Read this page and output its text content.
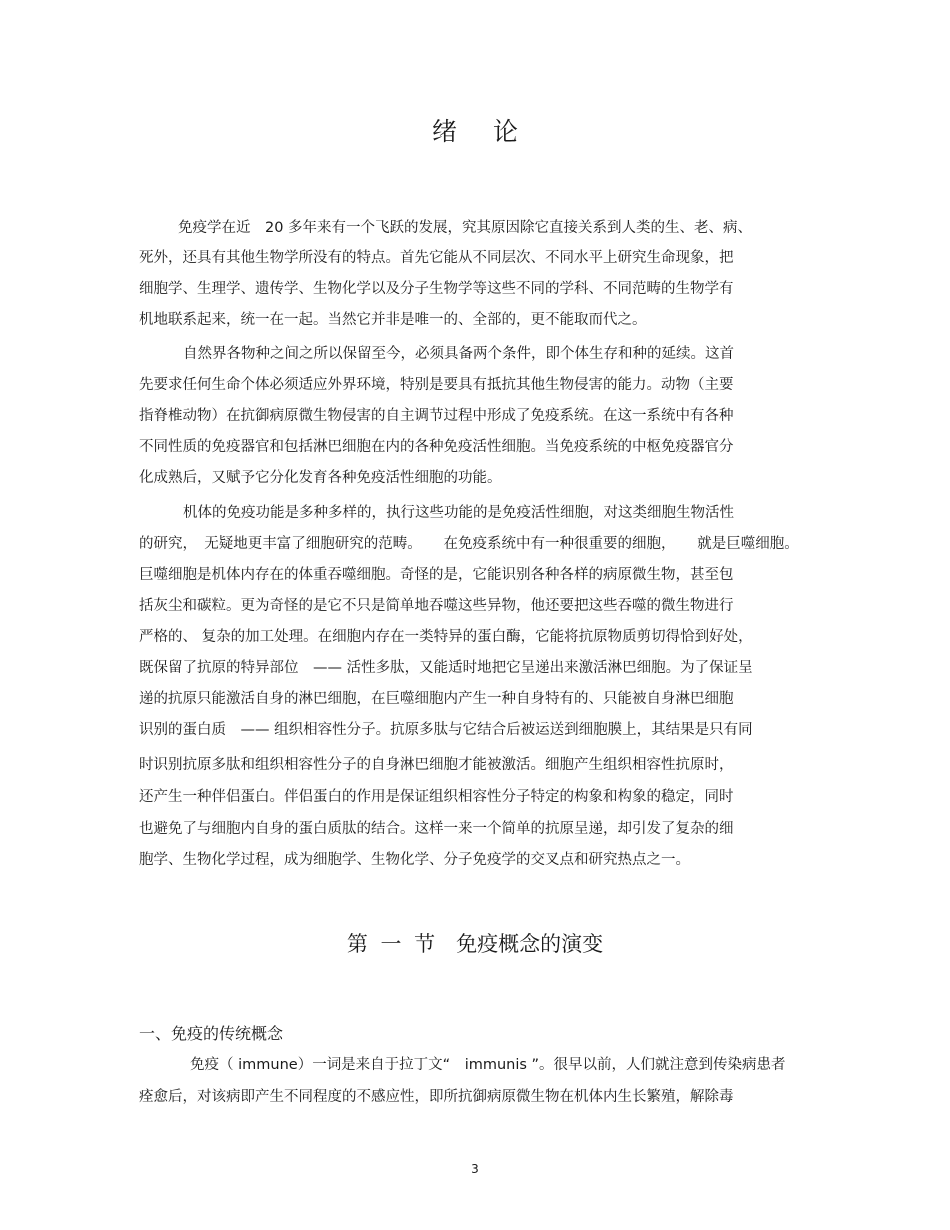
绪论
免疫学在近　20 多年来有一个飞跃的发展，究其原因除它直接关系到人类的生、老、病、
死外，还具有其他生物学所没有的特点。首先它能从不同层次、不同水平上研究生命现象，把
细胞学、生理学、遗传学、生物化学以及分子生物学等这些不同的学科、不同范畴的生物学有
机地联系起来，统一在一起。当然它并非是唯一的、全部的，更不能取而代之。
自然界各物种之间之所以保留至今，必须具备两个条件，即个体生存和种的延续。这首
先要求任何生命个体必须适应外界环境，特别是要具有抵抗其他生物侵害的能力。动物（主要
指脊椎动物）在抗御病原微生物侵害的自主调节过程中形成了免疫系统。在这一系统中有各种
不同性质的免疫器官和包括淋巴细胞在内的各种免疫活性细胞。当免疫系统的中枢免疫器官分
化成熟后，又赋予它分化发育各种免疫活性细胞的功能。
机体的免疫功能是多种多样的，执行这些功能的是免疫活性细胞，对这类细胞生物活性
的研究，　无疑地更丰富了细胞研究的范畴。　　在免疫系统中有一种很重要的细胞，　　就是巨噬细胞。
巨噬细胞是机体内存在的体重吞噬细胞。奇怪的是，它能识别各种各样的病原微生物，甚至包
括灰尘和碳粒。更为奇怪的是它不只是简单地吞噬这些异物，他还要把这些吞噬的微生物进行
严格的、 复杂的加工处理。在细胞内存在一类特异的蛋白酶，它能将抗原物质剪切得恰到好处，
既保留了抗原的特异部位　—— 活性多肽，又能适时地把它呈递出来激活淋巴细胞。为了保证呈
递的抗原只能激活自身的淋巴细胞，在巨噬细胞内产生一种自身特有的、只能被自身淋巴细胞
识别的蛋白质　—— 组织相容性分子。抗原多肽与它结合后被运送到细胞膜上，其结果是只有同
时识别抗原多肽和组织相容性分子的自身淋巴细胞才能被激活。细胞产生组织相容性抗原时，
还产生一种伴侣蛋白。伴侣蛋白的作用是保证组织相容性分子特定的构象和构象的稳定，同时
也避免了与细胞内自身的蛋白质肽的结合。这样一来一个简单的抗原呈递，却引发了复杂的细
胞学、生物化学过程，成为细胞学、生物化学、分子免疫学的交叉点和研究热点之一。
第 一 节　免疫概念的演变
一、免疫的传统概念
免疫（ immune）一词是来自于拉丁文“　immunis ”。很早以前，人们就注意到传染病患者
痊愈后，对该病即产生不同程度的不感应性，即所抗御病原微生物在机体内生长繁殖，解除毒
3
